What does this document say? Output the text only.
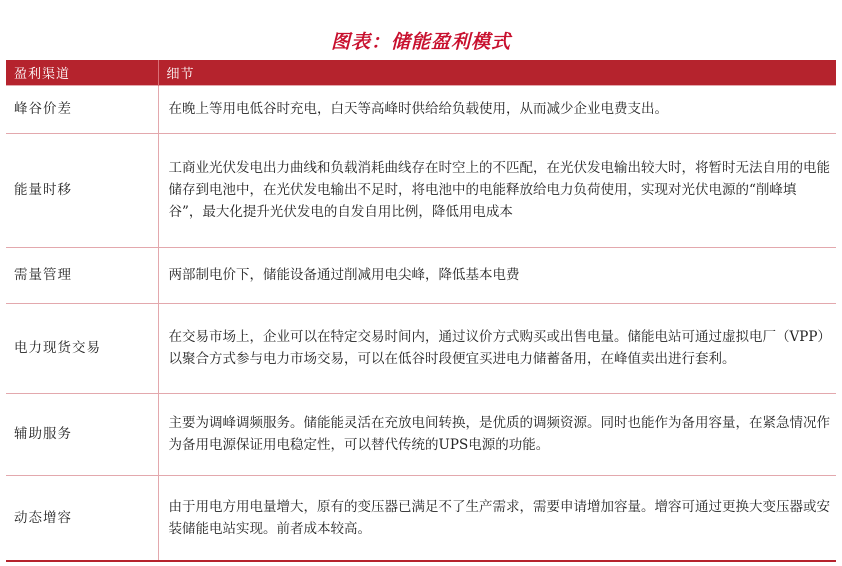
图表：储能盈利模式
盈利渠道	细节
峰谷价差	在晚上等用电低谷时充电，白天等高峰时供给给负载使用，从而减少企业电费支出。
能量时移	工商业光伏发电出力曲线和负载消耗曲线存在时空上的不匹配，在光伏发电输出较大时，将暂时无法自用的电能储存到电池中，在光伏发电输出不足时，将电池中的电能释放给电力负荷使用，实现对光伏电源的“削峰填谷”，最大化提升光伏发电的自发自用比例，降低用电成本
需量管理	两部制电价下，储能设备通过削减用电尖峰，降低基本电费
电力现货交易	在交易市场上，企业可以在特定交易时间内，通过议价方式购买或出售电量。储能电站可通过虚拟电厂（VPP）以聚合方式参与电力市场交易，可以在低谷时段便宜买进电力储蓄备用，在峰值卖出进行套利。
辅助服务	主要为调峰调频服务。储能能灵活在充放电间转换，是优质的调频资源。同时也能作为备用容量，在紧急情况作为备用电源保证用电稳定性，可以替代传统的UPS电源的功能。
动态增容	由于用电方用电量增大，原有的变压器已满足不了生产需求，需要申请增加容量。增容可通过更换大变压器或安装储能电站实现。前者成本较高。
